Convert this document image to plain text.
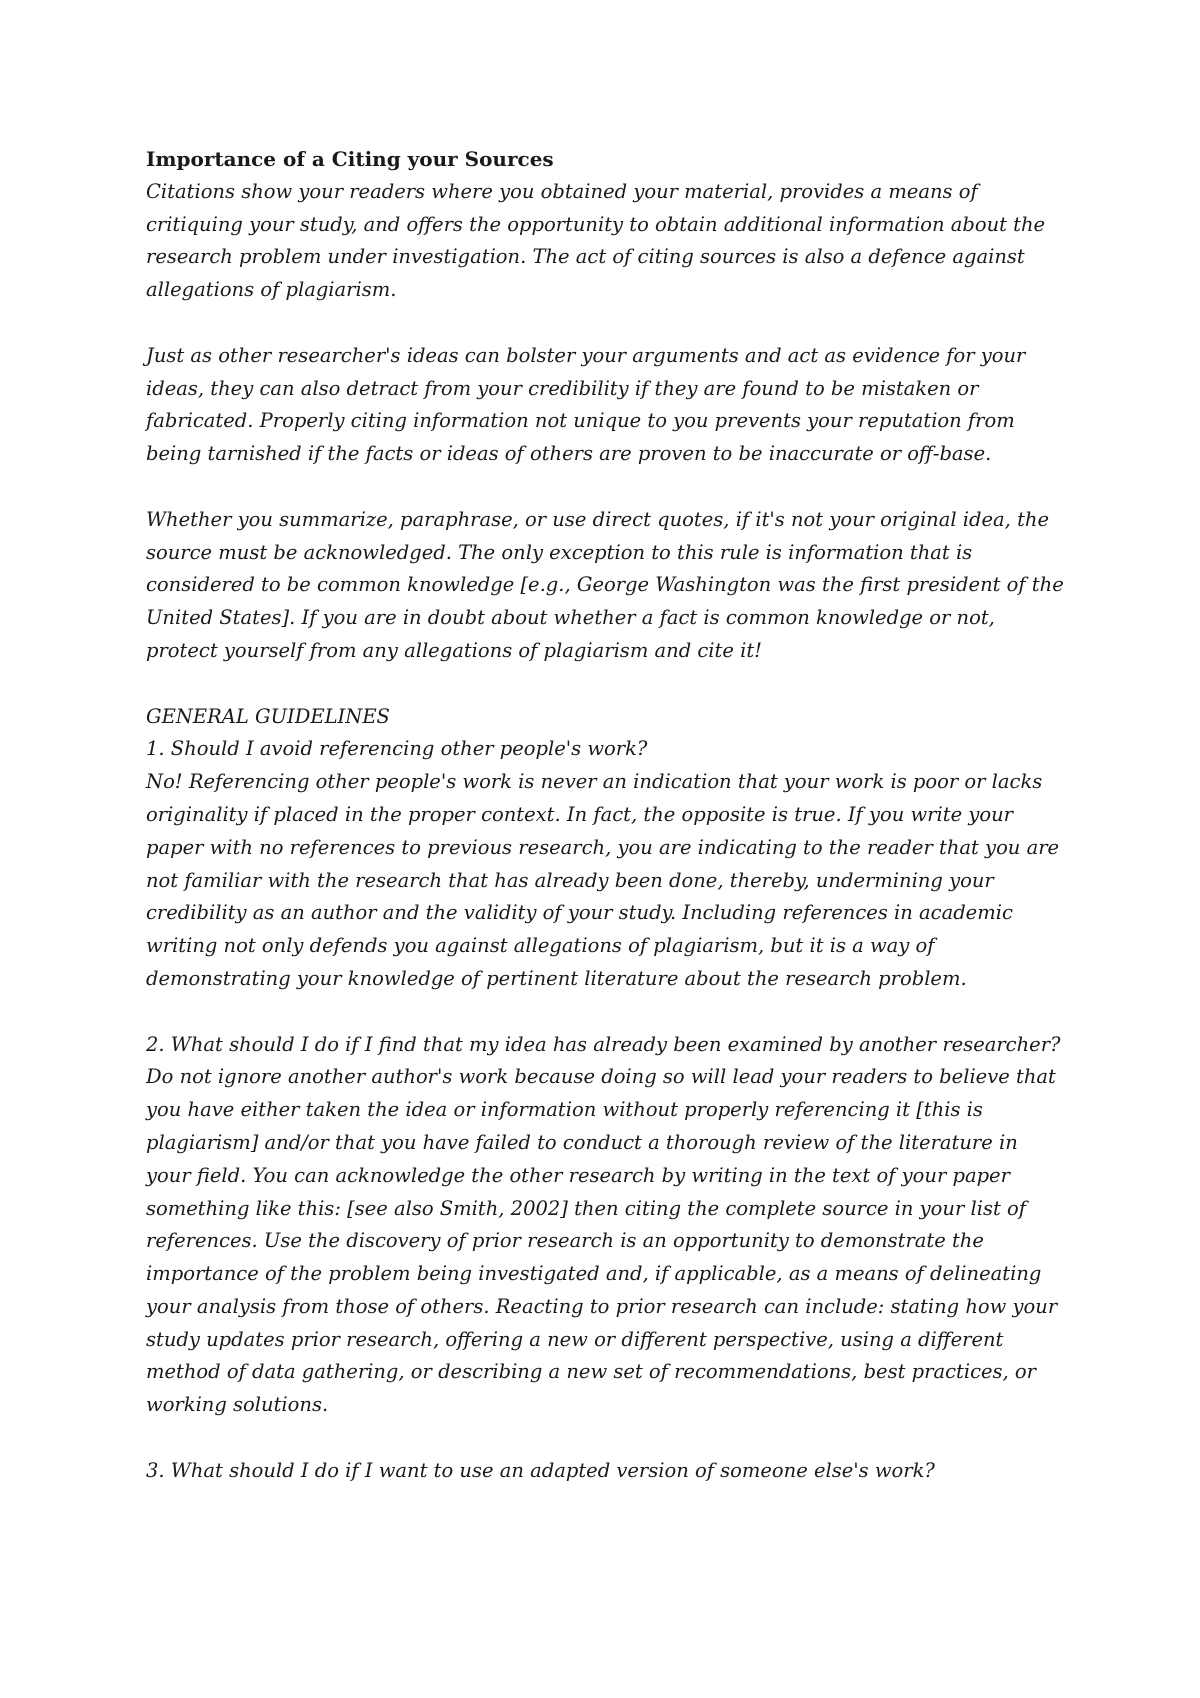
Importance of a Citing your Sources

Citations show your readers where you obtained your material, provides a means of critiquing your study, and offers the opportunity to obtain additional information about the research problem under investigation. The act of citing sources is also a defence against allegations of plagiarism.

Just as other researcher's ideas can bolster your arguments and act as evidence for your ideas, they can also detract from your credibility if they are found to be mistaken or fabricated. Properly citing information not unique to you prevents your reputation from being tarnished if the facts or ideas of others are proven to be inaccurate or off-base.

Whether you summarize, paraphrase, or use direct quotes, if it's not your original idea, the source must be acknowledged. The only exception to this rule is information that is considered to be common knowledge [e.g., George Washington was the first president of the United States]. If you are in doubt about whether a fact is common knowledge or not, protect yourself from any allegations of plagiarism and cite it!

GENERAL GUIDELINES

1. Should I avoid referencing other people's work?

No! Referencing other people's work is never an indication that your work is poor or lacks originality if placed in the proper context. In fact, the opposite is true. If you write your paper with no references to previous research, you are indicating to the reader that you are not familiar with the research that has already been done, thereby, undermining your credibility as an author and the validity of your study. Including references in academic writing not only defends you against allegations of plagiarism, but it is a way of demonstrating your knowledge of pertinent literature about the research problem.

2. What should I do if I find that my idea has already been examined by another researcher?

Do not ignore another author's work because doing so will lead your readers to believe that you have either taken the idea or information without properly referencing it [this is plagiarism] and/or that you have failed to conduct a thorough review of the literature in your field. You can acknowledge the other research by writing in the text of your paper something like this: [see also Smith, 2002] then citing the complete source in your list of references. Use the discovery of prior research is an opportunity to demonstrate the importance of the problem being investigated and, if applicable, as a means of delineating your analysis from those of others. Reacting to prior research can include: stating how your study updates prior research, offering a new or different perspective, using a different method of data gathering, or describing a new set of recommendations, best practices, or working solutions.

3. What should I do if I want to use an adapted version of someone else's work?
